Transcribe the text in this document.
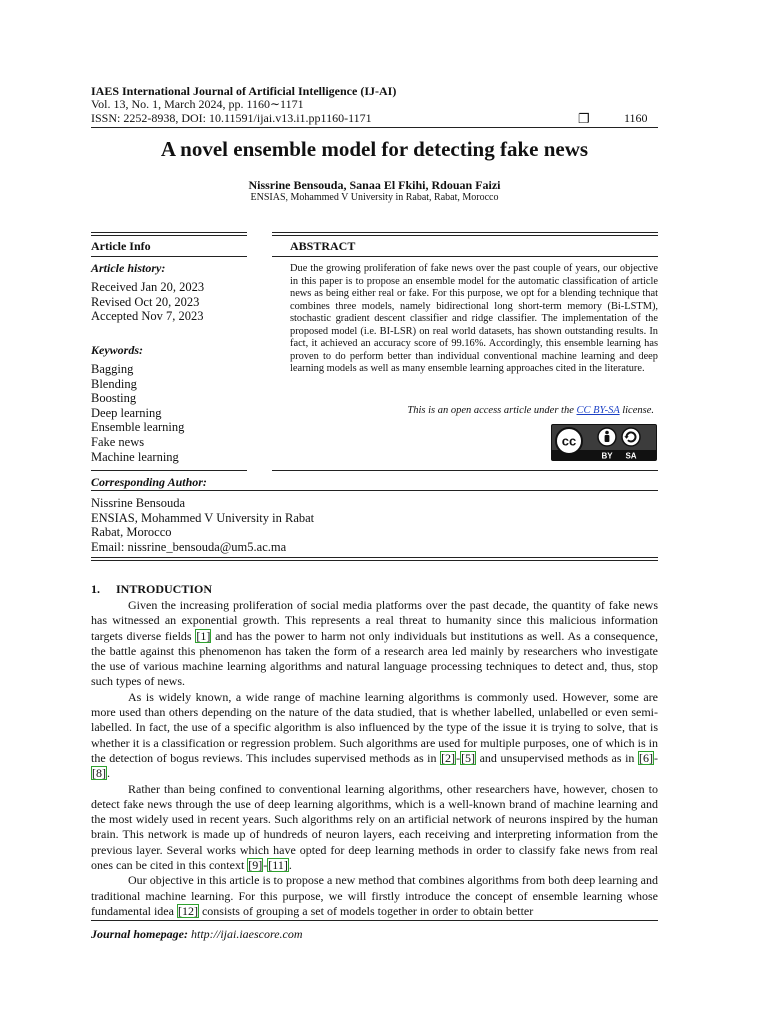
IAES International Journal of Artificial Intelligence (IJ-AI)
Vol. 13, No. 1, March 2024, pp. 1160∼1171
ISSN: 2252-8938, DOI: 10.11591/ijai.v13.i1.pp1160-1171	❐	1160
A novel ensemble model for detecting fake news
Nissrine Bensouda, Sanaa El Fkihi, Rdouan Faizi
ENSIAS, Mohammed V University in Rabat, Rabat, Morocco
Article Info
Article history:
Received Jan 20, 2023
Revised Oct 20, 2023
Accepted Nov 7, 2023
Keywords:
Bagging
Blending
Boosting
Deep learning
Ensemble learning
Fake news
Machine learning
ABSTRACT

Due the growing proliferation of fake news over the past couple of years, our objective in this paper is to propose an ensemble model for the automatic classification of article news as being either real or fake. For this purpose, we opt for a blending technique that combines three models, namely bidirectional long short-term memory (Bi-LSTM), stochastic gradient descent classifier and ridge classifier. The implementation of the proposed model (i.e. BI-LSR) on real world datasets, has shown outstanding results. In fact, it achieved an accuracy score of 99.16%. Accordingly, this ensemble learning has proven to do perform better than individual conventional machine learning and deep learning models as well as many ensemble learning approaches cited in the literature.

This is an open access article under the CC BY-SA license.
cc
BY SA
Corresponding Author:
Nissrine Bensouda
ENSIAS, Mohammed V University in Rabat
Rabat, Morocco
Email: nissrine_bensouda@um5.ac.ma
1. INTRODUCTION

Given the increasing proliferation of social media platforms over the past decade, the quantity of fake news has witnessed an exponential growth. This represents a real threat to humanity since this malicious information targets diverse fields [1] and has the power to harm not only individuals but institutions as well. As a consequence, the battle against this phenomenon has taken the form of a research area led mainly by researchers who investigate the use of various machine learning algorithms and natural language processing techniques to detect and, thus, stop such types of news.

As is widely known, a wide range of machine learning algorithms is commonly used. However, some are more used than others depending on the nature of the data studied, that is whether labelled, unlabelled or even semi-labelled. In fact, the use of a specific algorithm is also influenced by the type of the issue it is trying to solve, that is whether it is a classification or regression problem. Such algorithms are used for multiple purposes, one of which is in the detection of bogus reviews. This includes supervised methods as in [2]-[5] and unsupervised methods as in [6]-[8].

Rather than being confined to conventional learning algorithms, other researchers have, however, chosen to detect fake news through the use of deep learning algorithms, which is a well-known brand of machine learning and the most widely used in recent years. Such algorithms rely on an artificial network of neurons inspired by the human brain. This network is made up of hundreds of neuron layers, each receiving and interpreting information from the previous layer. Several works which have opted for deep learning methods in order to classify fake news from real ones can be cited in this context [9]-[11].

Our objective in this article is to propose a new method that combines algorithms from both deep learning and traditional machine learning. For this purpose, we will firstly introduce the concept of ensemble learning whose fundamental idea [12] consists of grouping a set of models together in order to obtain better

Journal homepage: http://ijai.iaescore.com
